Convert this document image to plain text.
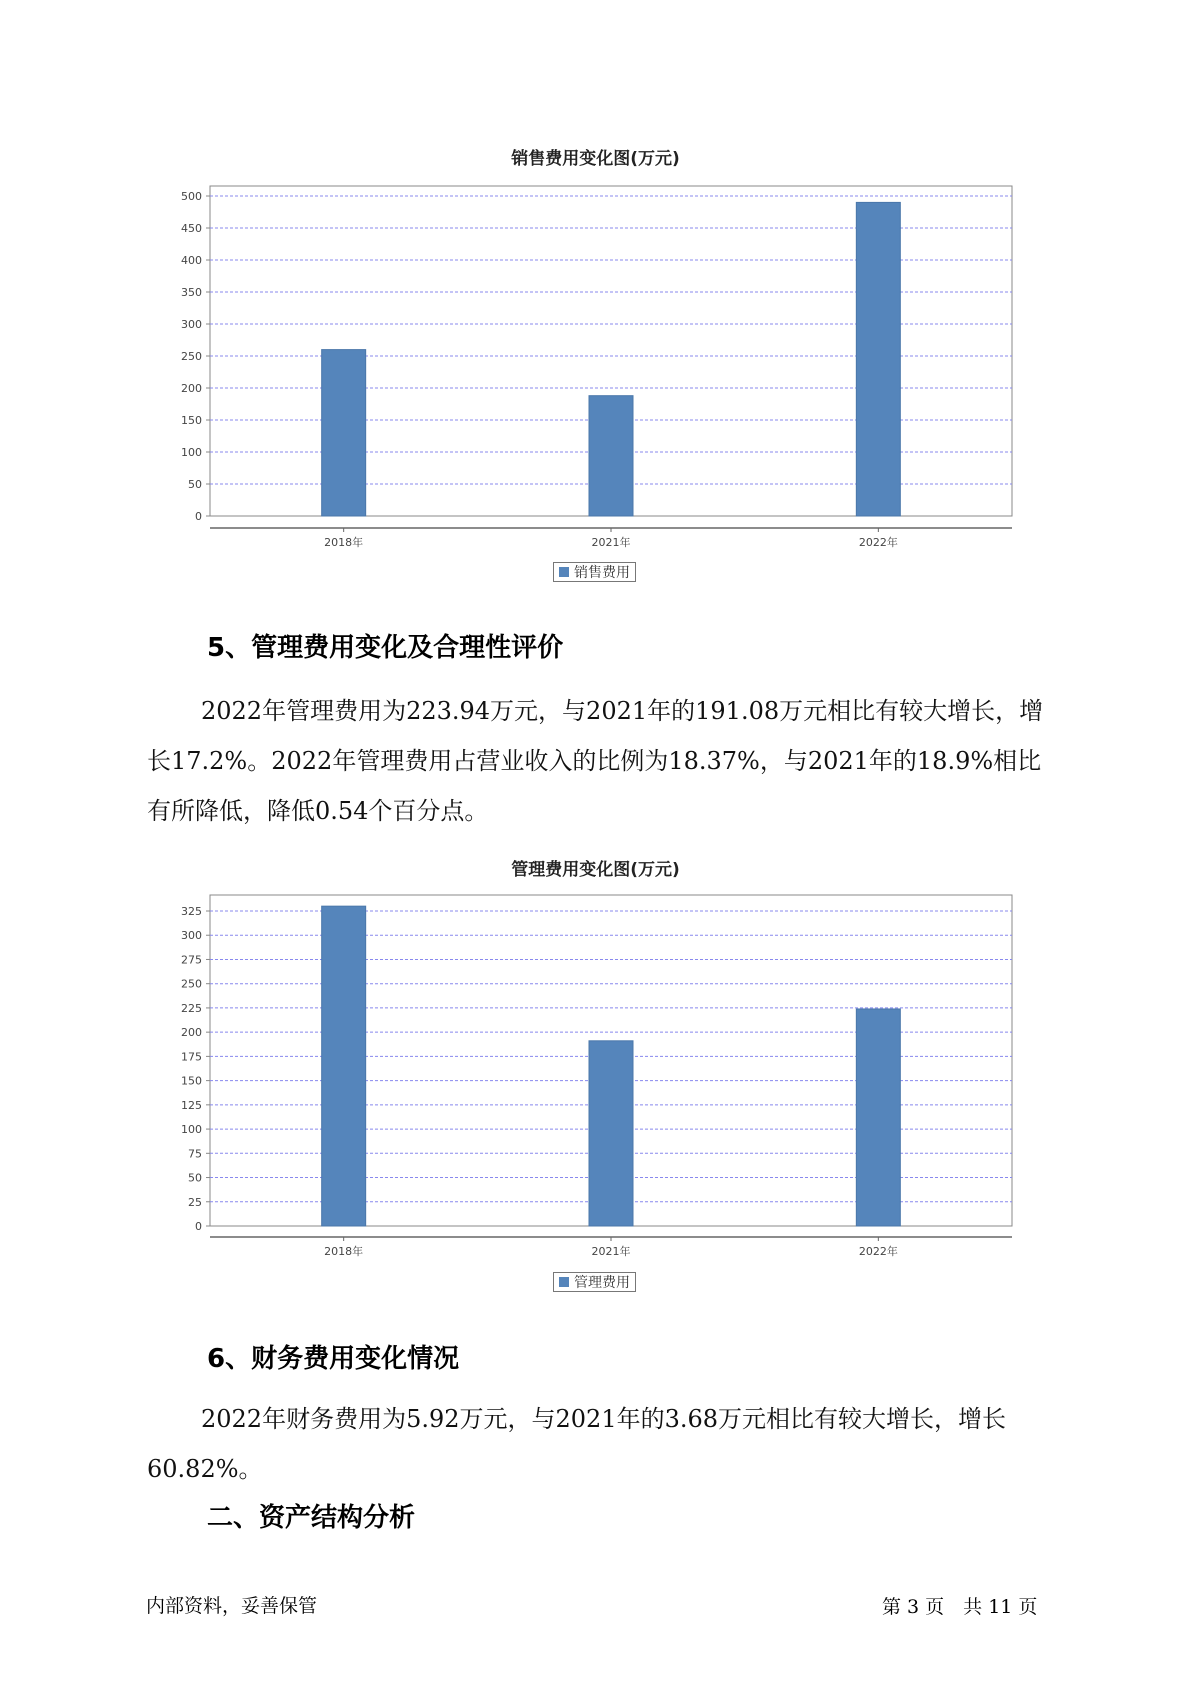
销售费用变化图(万元)
0
50
100
150
200
250
300
350
400
450
500
2018年	2021年	2022年
销售费用
5、管理费用变化及合理性评价

2022年管理费用为223.94万元，与2021年的191.08万元相比有较大增长，增长17.2%。2022年管理费用占营业收入的比例为18.37%，与2021年的18.9%相比有所降低，降低0.54个百分点。

管理费用变化图(万元)
0
25
50
75
100
125
150
175
200
225
250
275
300
325
2018年	2021年	2022年
管理费用
6、财务费用变化情况

2022年财务费用为5.92万元，与2021年的3.68万元相比有较大增长，增长60.82%。

二、资产结构分析
内部资料，妥善保管	第 3 页　共 11 页
